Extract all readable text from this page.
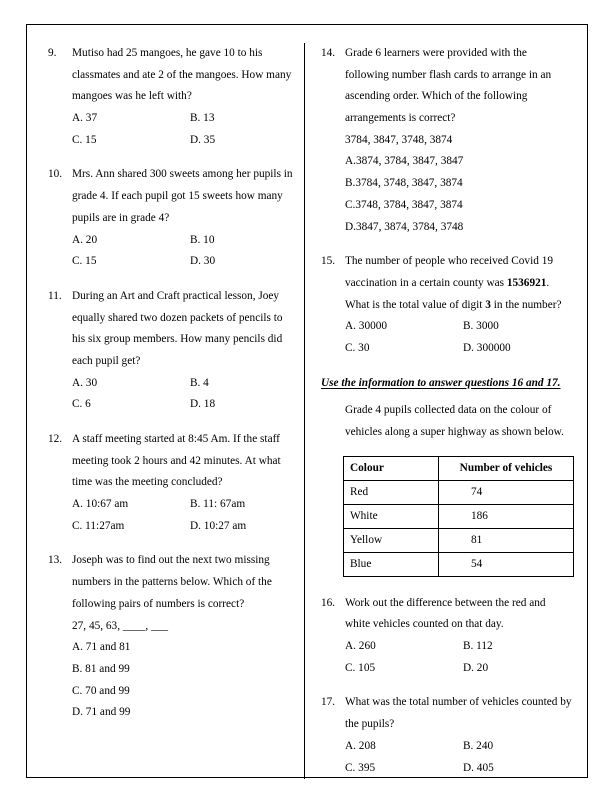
9.	Mutiso had 25 mangoes, he gave 10 to his classmates and ate 2 of the mangoes. How many mangoes was he left with?

A. 37	B. 13
C. 15	D. 35
10. Mrs. Ann shared 300 sweets among her pupils in grade 4. If each pupil got 15 sweets how many pupils are in grade 4?

A. 20	B. 10
C. 15	D. 30
11. During an Art and Craft practical lesson, Joey equally shared two dozen packets of pencils to his six group members. How many pencils did each pupil get?

A. 30	B. 4
C. 6	D. 18
12. A staff meeting started at 8:45 Am. If the staff meeting took 2 hours and 42 minutes. At what time was the meeting concluded?

A. 10:67 am	B. 11: 67am
C. 11:27am	D. 10:27 am
13. Joseph was to find out the next two missing numbers in the patterns below. Which of the following pairs of numbers is correct?

27, 45, 63, ____, ___
A. 71 and 81
B. 81 and 99
C. 70 and 99
D. 71 and 99
14. Grade 6 learners were provided with the following number flash cards to arrange in an ascending order. Which of the following arrangements is correct?

3784, 3847, 3748, 3874
A.3874, 3784, 3847, 3847
B.3784, 3748, 3847, 3874
C.3748, 3784, 3847, 3874
D.3847, 3874, 3784, 3748
15. The number of people who received Covid 19 vaccination in a certain county was 1536921. What is the total value of digit 3 in the number?

A. 30000	B. 3000
C. 30	D. 300000

Use the information to answer questions 16 and 17.

Grade 4 pupils collected data on the colour of vehicles along a super highway as shown below.

Colour	Number of vehicles
Red	74
White	186
Yellow	81
Blue	54
16. Work out the difference between the red and white vehicles counted on that day.

A. 260	B. 112
C. 105	D. 20
17. What was the total number of vehicles counted by the pupils?

A. 208	B. 240
C. 395	D. 405
